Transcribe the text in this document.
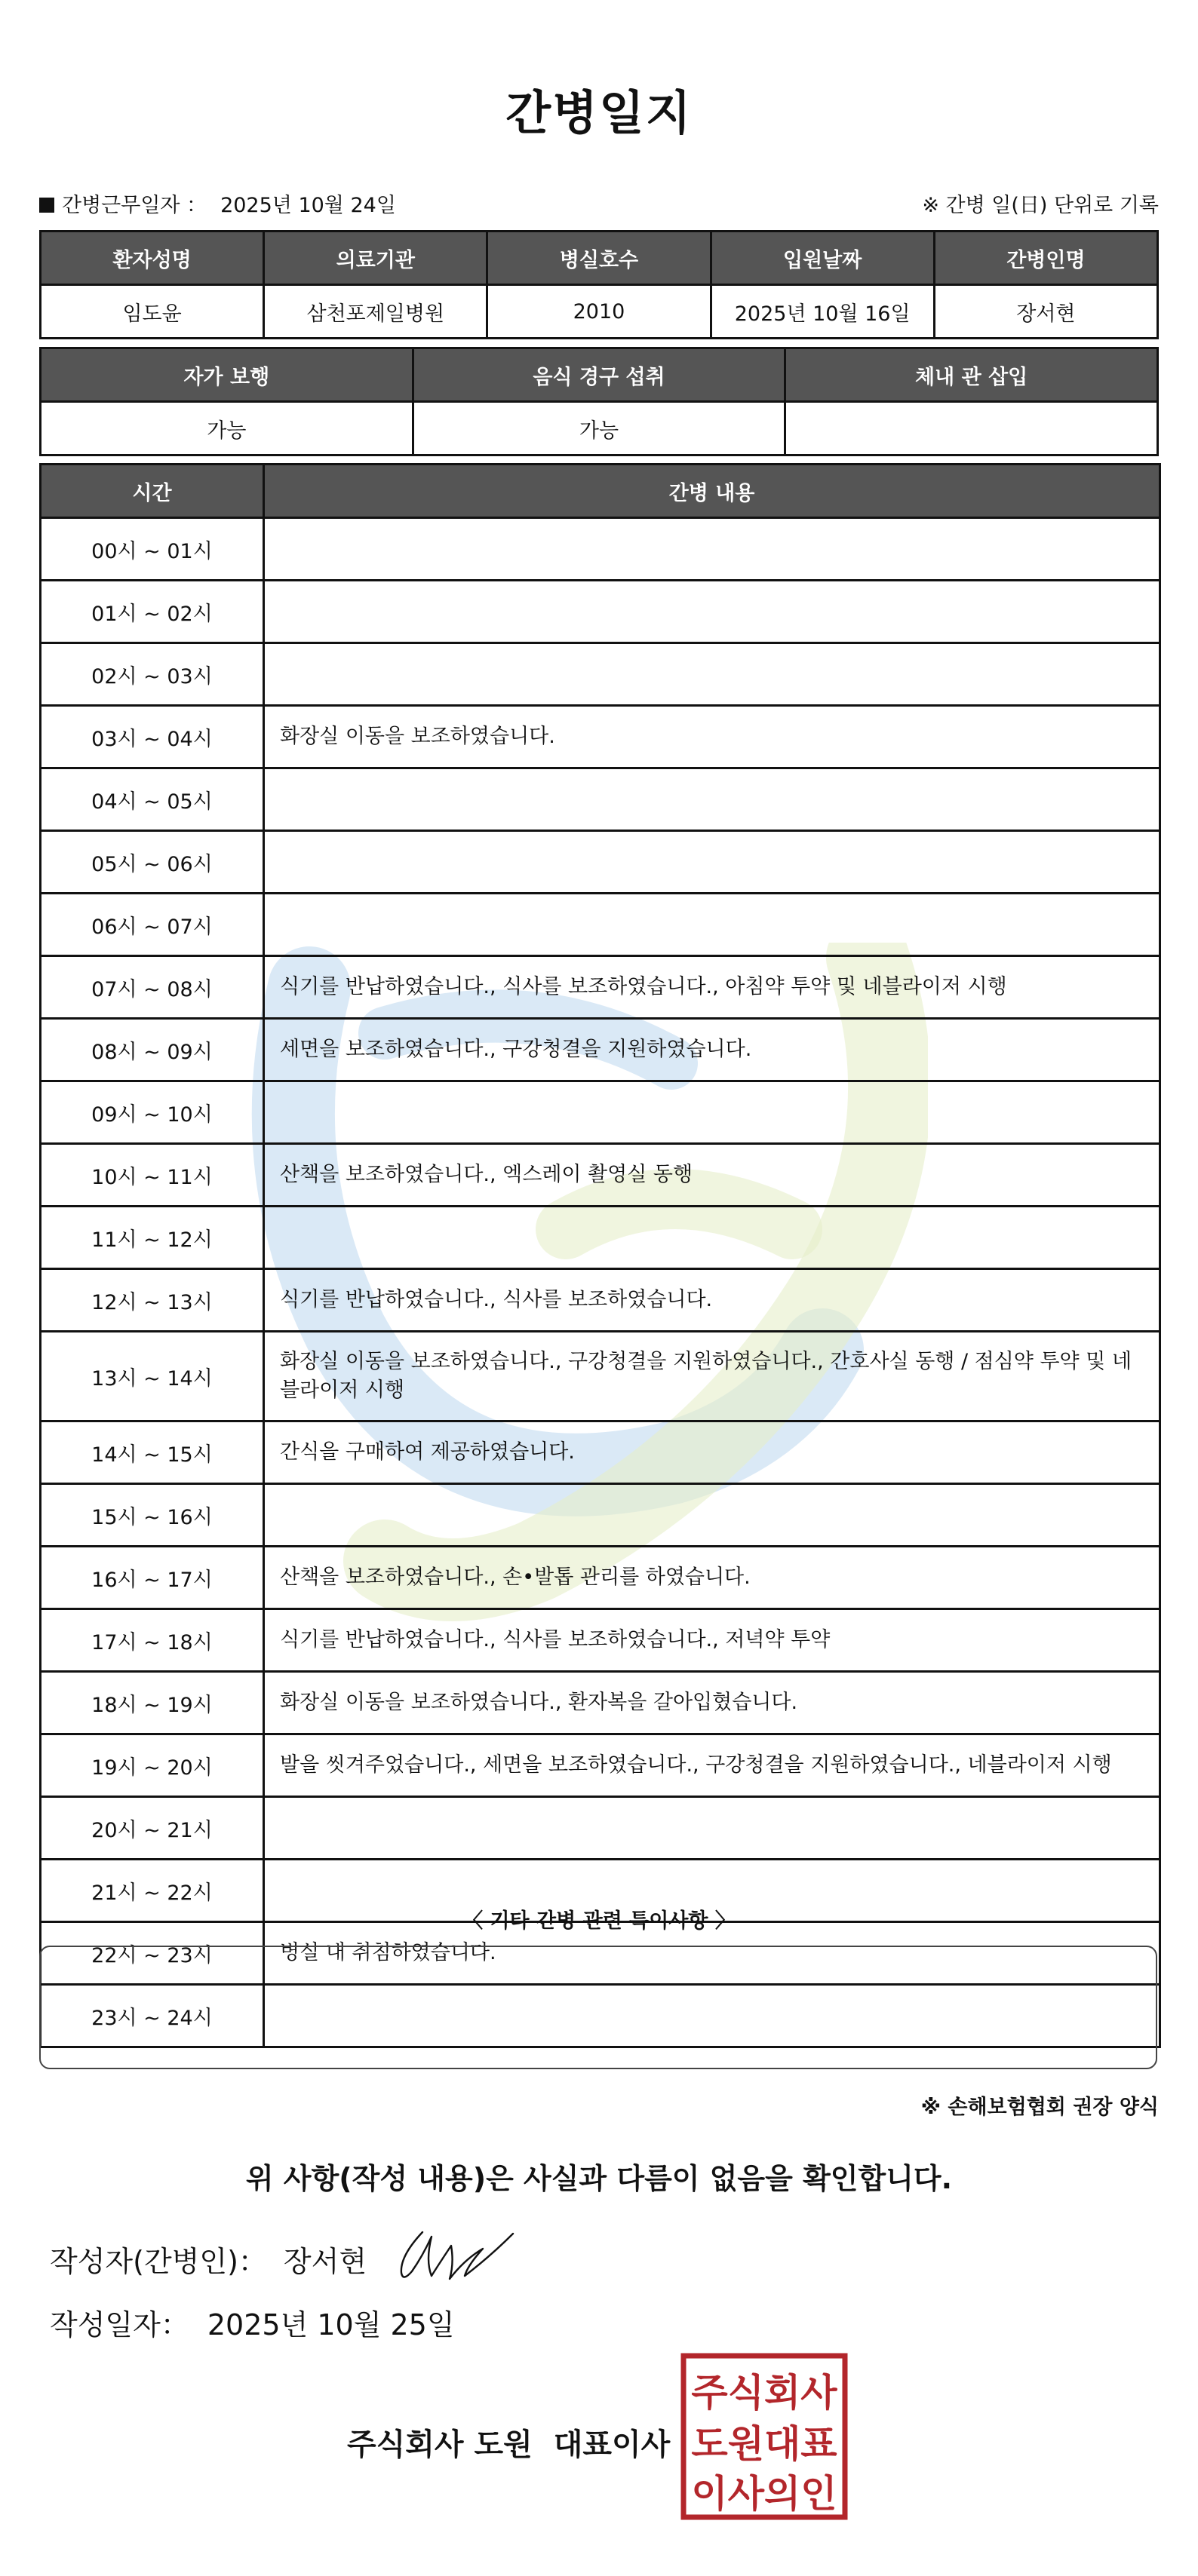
간병일지
간병근무일자 ： 2025년 10월 24일	※ 간병 일(日) 단위로 기록
환자성명	의료기관	병실호수	입원날짜	간병인명
임도윤	삼천포제일병원	2010	2025년 10월 16일	장서현
자가 보행	음식 경구 섭취	체내 관 삽입
가능	가능	
시간	간병 내용
00시 ~ 01시	
01시 ~ 02시	
02시 ~ 03시	
03시 ~ 04시	화장실 이동을 보조하였습니다.
04시 ~ 05시	
05시 ~ 06시	
06시 ~ 07시	
07시 ~ 08시	식기를 반납하였습니다., 식사를 보조하였습니다., 아침약 투약 및 네블라이저 시행
08시 ~ 09시	세면을 보조하였습니다., 구강청결을 지원하였습니다.
09시 ~ 10시	
10시 ~ 11시	산책을 보조하였습니다., 엑스레이 촬영실 동행
11시 ~ 12시	
12시 ~ 13시	식기를 반납하였습니다., 식사를 보조하였습니다.
13시 ~ 14시	화장실 이동을 보조하였습니다., 구강청결을 지원하였습니다., 간호사실 동행 / 점심약 투약 및 네블라이저 시행
14시 ~ 15시	간식을 구매하여 제공하였습니다.
15시 ~ 16시	
16시 ~ 17시	산책을 보조하였습니다., 손•발톱 관리를 하였습니다.
17시 ~ 18시	식기를 반납하였습니다., 식사를 보조하였습니다., 저녁약 투약
18시 ~ 19시	화장실 이동을 보조하였습니다., 환자복을 갈아입혔습니다.
19시 ~ 20시	발을 씻겨주었습니다., 세면을 보조하였습니다., 구강청결을 지원하였습니다., 네블라이저 시행
20시 ~ 21시	
21시 ~ 22시	
22시 ~ 23시	병실 내 취침하였습니다.
23시 ~ 24시	
〈 기타 간병 관련 특이사항 〉
※ 손해보험협회 권장 양식
위 사항(작성 내용)은 사실과 다름이 없음을 확인합니다.
작성자(간병인)： 장서현
작성일자： 2025년 10월 25일
주식회사 도원 대표이사
주식회사
도원대표
이사의인
